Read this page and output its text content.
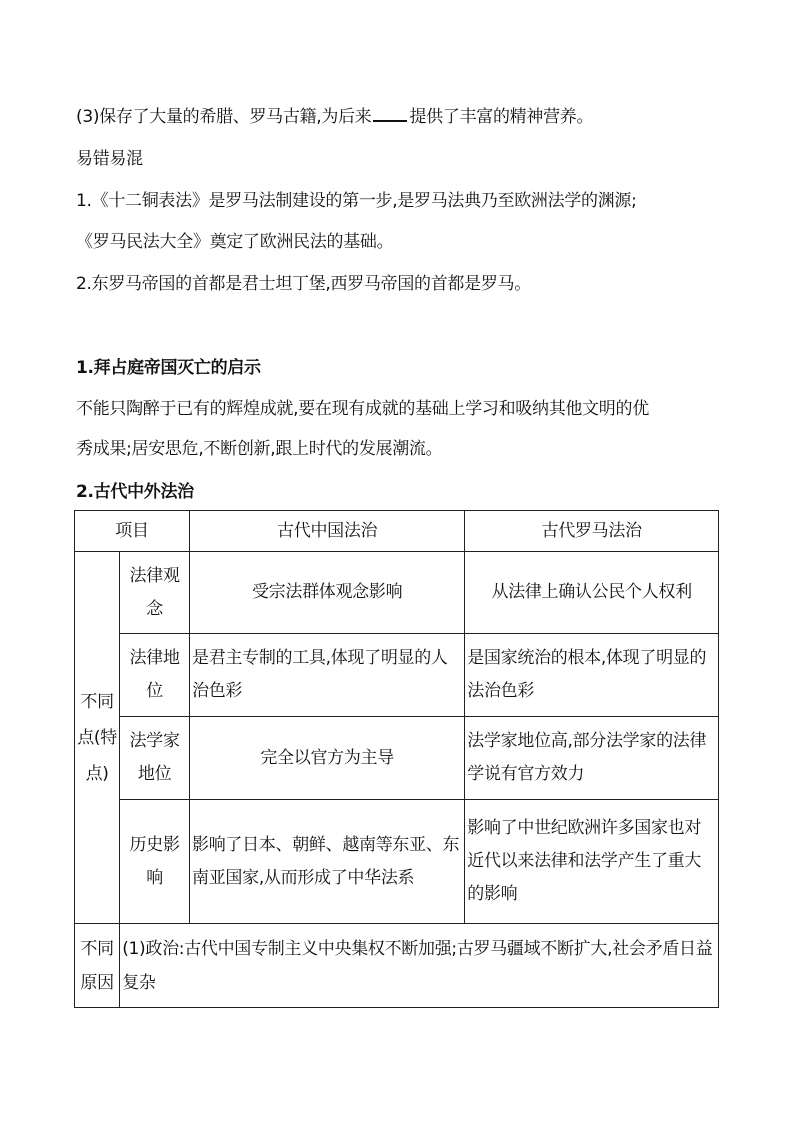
(3)保存了大量的希腊、罗马古籍,为后来 提供了丰富的精神营养。
易错易混
1.《十二铜表法》是罗马法制建设的第一步,是罗马法典乃至欧洲法学的渊源;
《罗马民法大全》奠定了欧洲民法的基础。
2.东罗马帝国的首都是君士坦丁堡,西罗马帝国的首都是罗马。
1.拜占庭帝国灭亡的启示
不能只陶醉于已有的辉煌成就,要在现有成就的基础上学习和吸纳其他文明的优
秀成果;居安思危,不断创新,跟上时代的发展潮流。
2.古代中外法治
项目		古代中国法治	古代罗马法治
不同点(特点)	法律观念	受宗法群体观念影响	从法律上确认公民个人权利
	法律地位	是君主专制的工具,体现了明显的人治色彩	是国家统治的根本,体现了明显的法治色彩
	法学家地位	完全以官方为主导	法学家地位高,部分法学家的法律学说有官方效力
	历史影响	影响了日本、朝鲜、越南等东亚、东南亚国家,从而形成了中华法系	影响了中世纪欧洲许多国家也对近代以来法律和法学产生了重大的影响
不同原因	(1)政治:古代中国专制主义中央集权不断加强;古罗马疆域不断扩大,社会矛盾日益复杂		
